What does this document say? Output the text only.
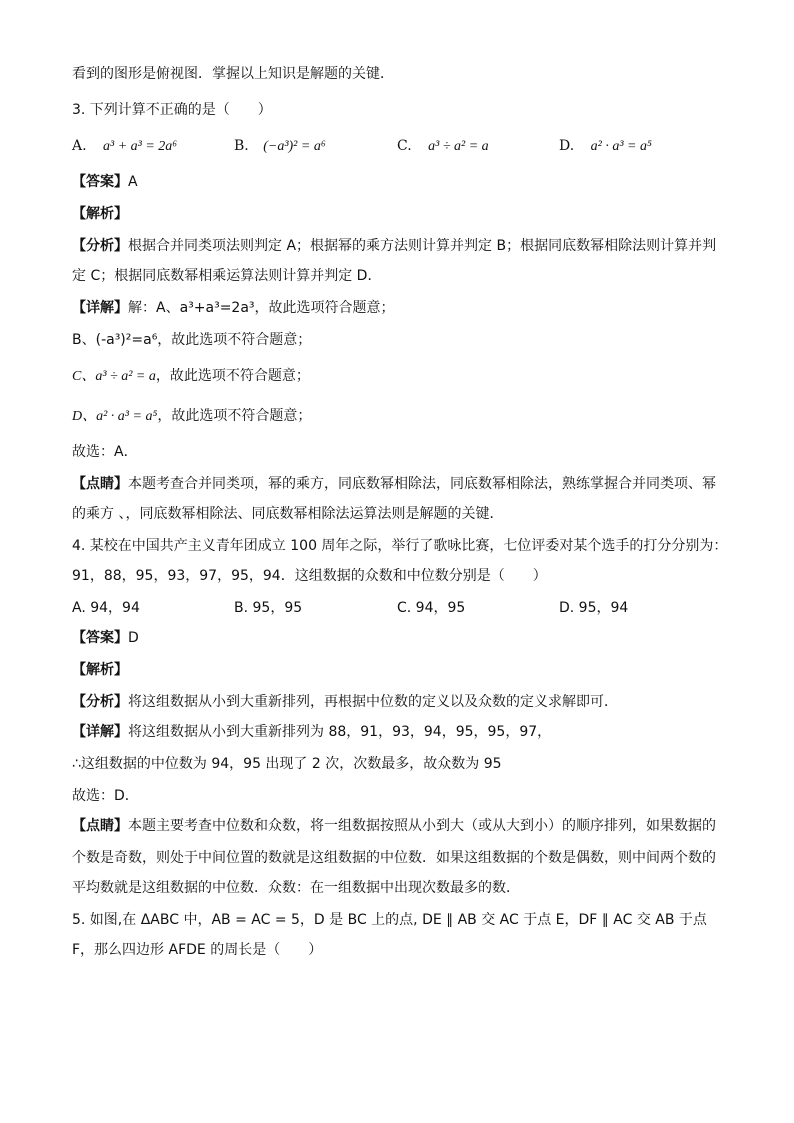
看到的图形是俯视图．掌握以上知识是解题的关键．
3. 下列计算不正确的是（　　）
A. a³ + a³ = 2a⁶	B. (−a³)² = a⁶	C. a³ ÷ a² = a	D. a² · a³ = a⁵
【答案】A
【解析】
【分析】根据合并同类项法则判定 A；根据幂的乘方法则计算并判定 B；根据同底数幂相除法则计算并判
定 C；根据同底数幂相乘运算法则计算并判定 D．
【详解】解：A、a³+a³=2a³，故此选项符合题意；
B、(-a³)²=a⁶，故此选项不符合题意；
C、a³ ÷ a² = a，故此选项不符合题意；
D、a² · a³ = a⁵，故此选项不符合题意；
故选：A．
【点睛】本题考查合并同类项，幂的乘方，同底数幂相除法，同底数幂相除法，熟练掌握合并同类项、幂
的乘方 、，同底数幂相除法、同底数幂相除法运算法则是解题的关键．
4. 某校在中国共产主义青年团成立 100 周年之际，举行了歌咏比赛，七位评委对某个选手的打分分别为：
91，88，95，93，97，95，94．这组数据的众数和中位数分别是（　　）
A. 94，94	B. 95，95	C. 94，95	D. 95，94
【答案】D
【解析】
【分析】将这组数据从小到大重新排列，再根据中位数的定义以及众数的定义求解即可．
【详解】将这组数据从小到大重新排列为 88，91，93，94，95，95，97，
∴这组数据的中位数为 94，95 出现了 2 次，次数最多，故众数为 95
故选：D．
【点睛】本题主要考查中位数和众数，将一组数据按照从小到大（或从大到小）的顺序排列，如果数据的
个数是奇数，则处于中间位置的数就是这组数据的中位数．如果这组数据的个数是偶数，则中间两个数的
平均数就是这组数据的中位数．众数：在一组数据中出现次数最多的数．
5. 如图,在 ΔABC 中，AB = AC = 5，D 是 BC 上的点, DE ∥ AB 交 AC 于点 E，DF ∥ AC 交 AB 于点
F，那么四边形 AFDE 的周长是（　　）
